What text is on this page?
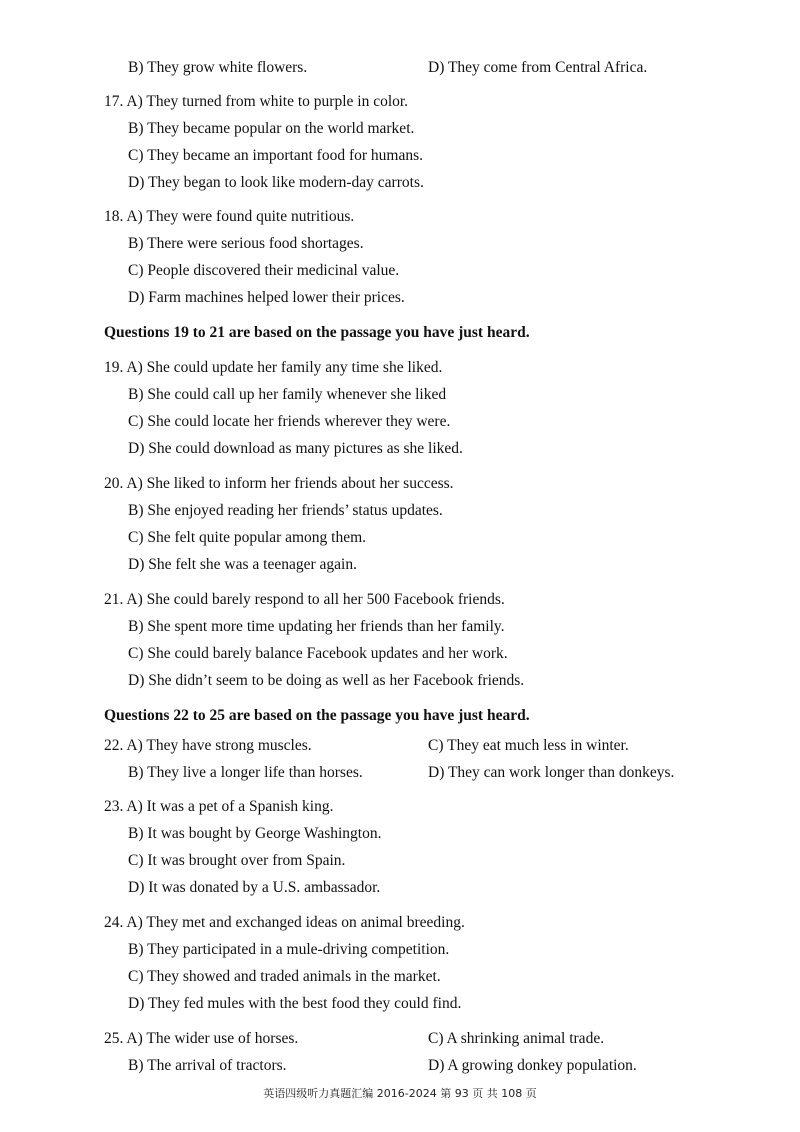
B) They grow white flowers.	D) They come from Central Africa.
17. A) They turned from white to purple in color.
B) They became popular on the world market.
C) They became an important food for humans.
D) They began to look like modern-day carrots.
18. A) They were found quite nutritious.
B) There were serious food shortages.
C) People discovered their medicinal value.
D) Farm machines helped lower their prices.
Questions 19 to 21 are based on the passage you have just heard.
19. A) She could update her family any time she liked.
B) She could call up her family whenever she liked
C) She could locate her friends wherever they were.
D) She could download as many pictures as she liked.
20. A) She liked to inform her friends about her success.
B) She enjoyed reading her friends’ status updates.
C) She felt quite popular among them.
D) She felt she was a teenager again.
21. A) She could barely respond to all her 500 Facebook friends.
B) She spent more time updating her friends than her family.
C) She could barely balance Facebook updates and her work.
D) She didn’t seem to be doing as well as her Facebook friends.
Questions 22 to 25 are based on the passage you have just heard.
22. A) They have strong muscles.	C) They eat much less in winter.
B) They live a longer life than horses.	D) They can work longer than donkeys.
23. A) It was a pet of a Spanish king.
B) It was bought by George Washington.
C) It was brought over from Spain.
D) It was donated by a U.S. ambassador.
24. A) They met and exchanged ideas on animal breeding.
B) They participated in a mule-driving competition.
C) They showed and traded animals in the market.
D) They fed mules with the best food they could find.
25. A) The wider use of horses.	C) A shrinking animal trade.
B) The arrival of tractors.	D) A growing donkey population.
英语四级听力真题汇编 2016-2024 第 93 页 共 108 页
